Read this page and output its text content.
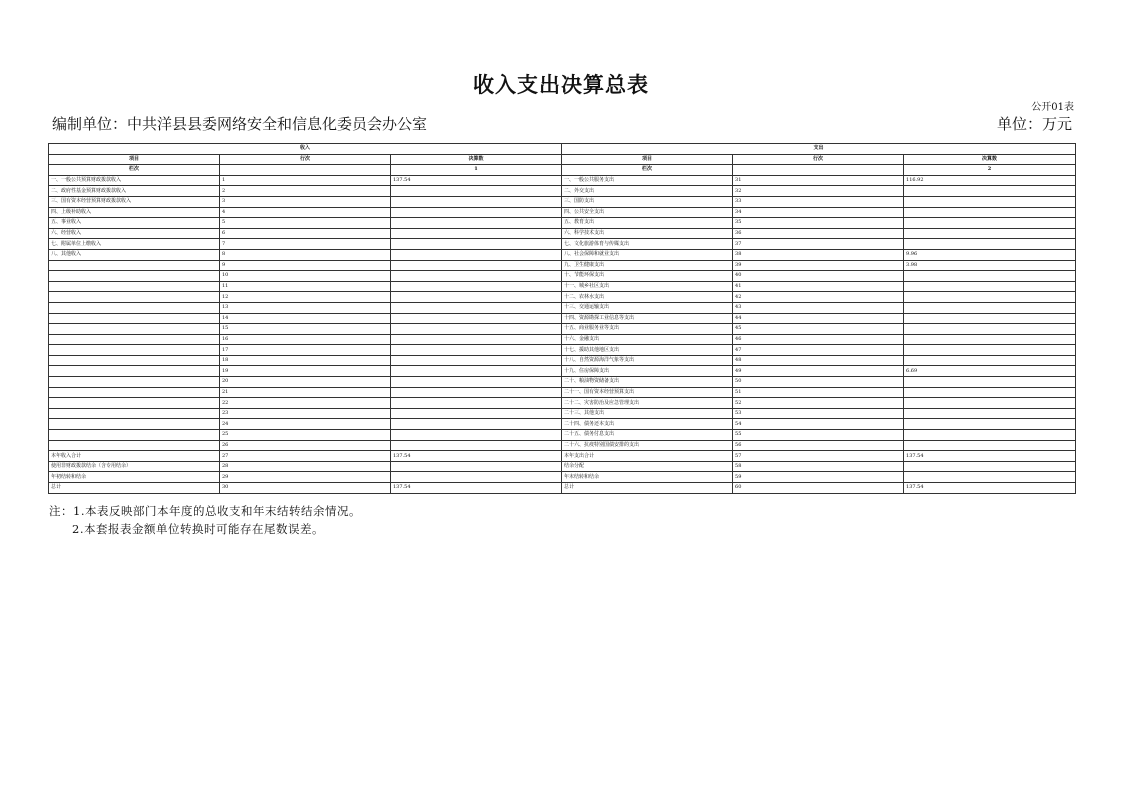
收入支出决算总表
公开01表
编制单位：中共洋县县委网络安全和信息化委员会办公室	单位：万元
收入			支出		
项目	行次	决算数	项目	行次	决算数
栏次		1	栏次		2
一、一般公共预算财政拨款收入	1	137.54	一、一般公共服务支出	31	116.92
二、政府性基金预算财政拨款收入	2		二、外交支出	32	
三、国有资本经营预算财政拨款收入	3		三、国防支出	33	
四、上级补助收入	4		四、公共安全支出	34	
五、事业收入	5		五、教育支出	35	
六、经营收入	6		六、科学技术支出	36	
七、附属单位上缴收入	7		七、文化旅游体育与传媒支出	37	
八、其他收入	8		八、社会保障和就业支出	38	9.96
	9		九、卫生健康支出	39	3.98
	10		十、节能环保支出	40	
	11		十一、城乡社区支出	41	
	12		十二、农林水支出	42	
	13		十三、交通运输支出	43	
	14		十四、资源勘探工业信息等支出	44	
	15		十五、商业服务业等支出	45	
	16		十六、金融支出	46	
	17		十七、援助其他地区支出	47	
	18		十八、自然资源海洋气象等支出	48	
	19		十九、住房保障支出	49	6.69
	20		二十、粮油物资储备支出	50	
	21		二十一、国有资本经营预算支出	51	
	22		二十二、灾害防治及应急管理支出	52	
	23		二十三、其他支出	53	
	24		二十四、债务还本支出	54	
	25		二十五、债务付息支出	55	
	26		二十六、抗疫特别国债安排的支出	56	
本年收入合计	27	137.54	本年支出合计	57	137.54
使用非财政拨款结余（含专用结余）	28		结余分配	58	
年初结转和结余	29		年末结转和结余	59	
总计	30	137.54	总计	60	137.54
注：1.本表反映部门本年度的总收支和年末结转结余情况。
2.本套报表金额单位转换时可能存在尾数误差。
